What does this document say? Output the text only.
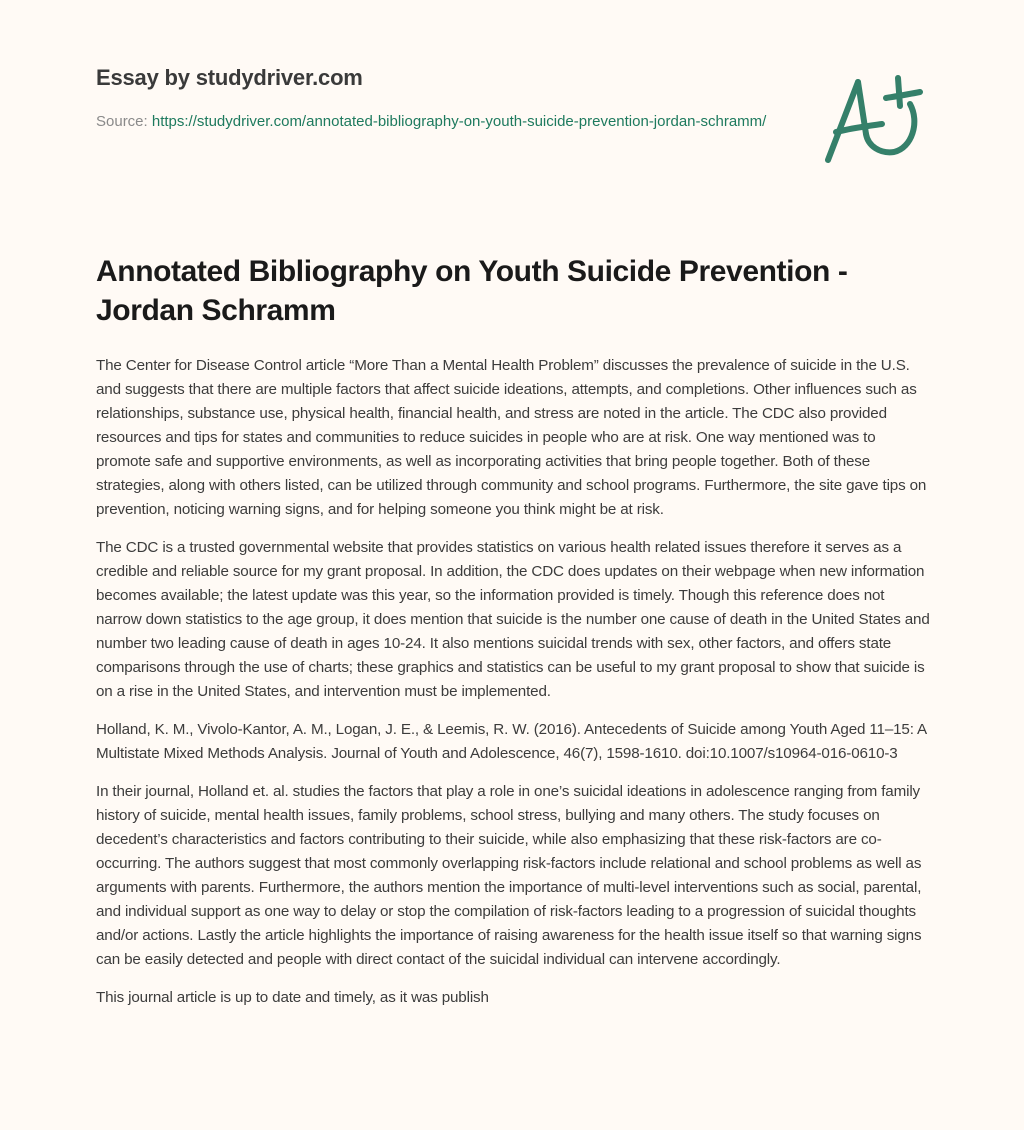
Essay by studydriver.com
Source: https://studydriver.com/annotated-bibliography-on-youth-suicide-prevention-jordan-schramm/
Annotated Bibliography on Youth Suicide Prevention - Jordan Schramm

The Center for Disease Control article “More Than a Mental Health Problem” discusses the prevalence of suicide in the U.S. and suggests that there are multiple factors that affect suicide ideations, attempts, and completions. Other influences such as relationships, substance use, physical health, financial health, and stress are noted in the article. The CDC also provided resources and tips for states and communities to reduce suicides in people who are at risk. One way mentioned was to promote safe and supportive environments, as well as incorporating activities that bring people together. Both of these strategies, along with others listed, can be utilized through community and school programs. Furthermore, the site gave tips on prevention, noticing warning signs, and for helping someone you think might be at risk.

The CDC is a trusted governmental website that provides statistics on various health related issues therefore it serves as a credible and reliable source for my grant proposal. In addition, the CDC does updates on their webpage when new information becomes available; the latest update was this year, so the information provided is timely. Though this reference does not narrow down statistics to the age group, it does mention that suicide is the number one cause of death in the United States and number two leading cause of death in ages 10-24. It also mentions suicidal trends with sex, other factors, and offers state comparisons through the use of charts; these graphics and statistics can be useful to my grant proposal to show that suicide is on a rise in the United States, and intervention must be implemented.

Holland, K. M., Vivolo-Kantor, A. M., Logan, J. E., & Leemis, R. W. (2016). Antecedents of Suicide among Youth Aged 11–15: A Multistate Mixed Methods Analysis. Journal of Youth and Adolescence, 46(7), 1598-1610. doi:10.1007/s10964-016-0610-3

In their journal, Holland et. al. studies the factors that play a role in one’s suicidal ideations in adolescence ranging from family history of suicide, mental health issues, family problems, school stress, bullying and many others. The study focuses on decedent’s characteristics and factors contributing to their suicide, while also emphasizing that these risk-factors are co-occurring. The authors suggest that most commonly overlapping risk-factors include relational and school problems as well as arguments with parents. Furthermore, the authors mention the importance of multi-level interventions such as social, parental, and individual support as one way to delay or stop the compilation of risk-factors leading to a progression of suicidal thoughts and/or actions. Lastly the article highlights the importance of raising awareness for the health issue itself so that warning signs can be easily detected and people with direct contact of the suicidal individual can intervene accordingly.

This journal article is up to date and timely, as it was publish
